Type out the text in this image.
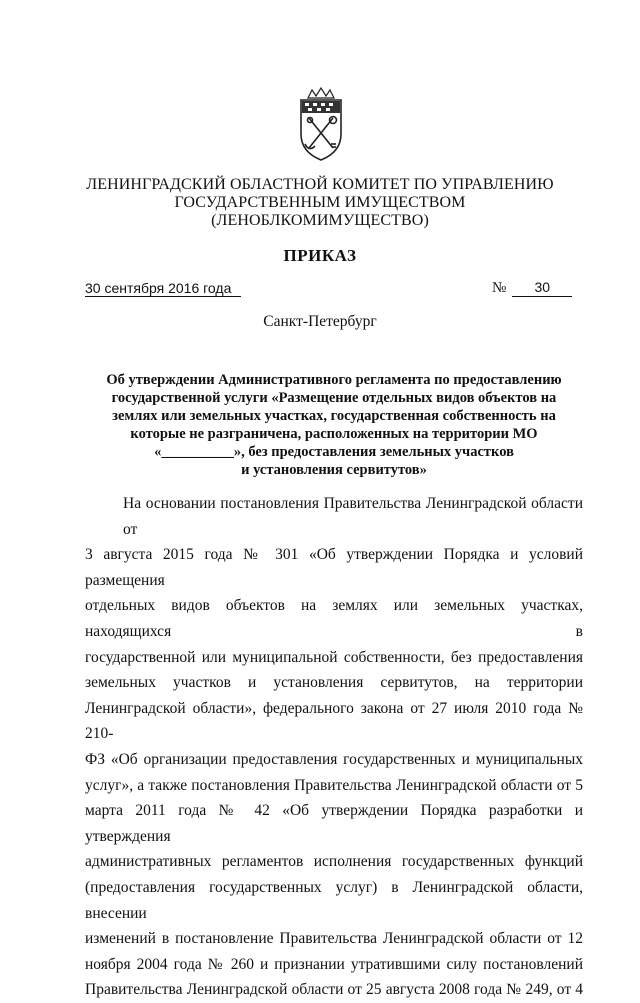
ЛЕНИНГРАДСКИЙ ОБЛАСТНОЙ КОМИТЕТ ПО УПРАВЛЕНИЮ
ГОСУДАРСТВЕННЫМ ИМУЩЕСТВОМ
(ЛЕНОБЛКОМИМУЩЕСТВО)
ПРИКАЗ
30 сентября 2016 года	№ 30
Санкт-Петербург
Об утверждении Административного регламента по предоставлению
государственной услуги «Размещение отдельных видов объектов на
землях или земельных участках, государственная собственность на
которые не разграничена, расположенных на территории МО
«__________», без предоставления земельных участков
и установления сервитутов»
На основании постановления Правительства Ленинградской области от
3 августа 2015 года № 301 «Об утверждении Порядка и условий размещения
отдельных видов объектов на землях или земельных участках, находящихся в
государственной или муниципальной собственности, без предоставления
земельных участков и установления сервитутов, на территории
Ленинградской области», федерального закона от 27 июля 2010 года № 210-
ФЗ «Об организации предоставления государственных и муниципальных
услуг», а также постановления Правительства Ленинградской области от 5
марта 2011 года № 42 «Об утверждении Порядка разработки и утверждения
административных регламентов исполнения государственных функций
(предоставления государственных услуг) в Ленинградской области, внесении
изменений в постановление Правительства Ленинградской области от 12
ноября 2004 года № 260 и признании утратившими силу постановлений
Правительства Ленинградской области от 25 августа 2008 года № 249, от 4
